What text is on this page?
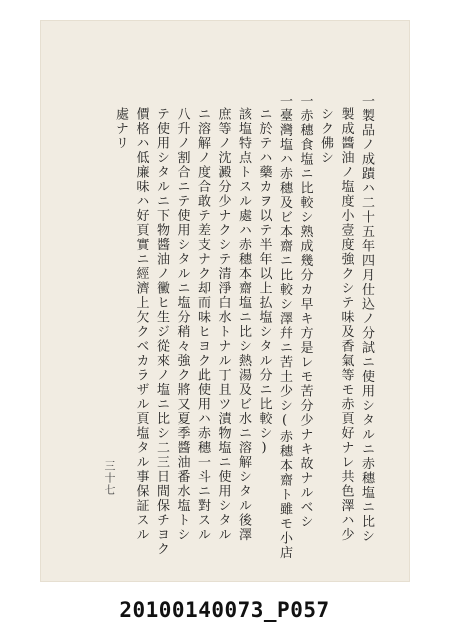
一製品ノ成蹟ハ二十五年四月仕込ノ分試ニ使用シタルニ赤穗塩ニ比シ
製成醬油ノ塩度小壹度強クシテ味及香氣等モ赤頁好ナレ共色澤ハ少
シク佛シ
一赤穗食塩ニ比較シ熟成幾分カ早キ方是レモ苦分少ナキ故ナルベシ
一臺灣塩ハ赤穗及ビ本齋ニ比較シ澤幷ニ苦土少シ(赤穗本齋ト雖モ小店
ニ於テハ藥カヲ以テ半年以上払塩シタル分ニ比較シ)
該塩特点トスル處ハ赤穗本齋塩ニ比シ熱湯及ビ水ニ溶解シタル後澤
庶等ノ沈澱分少ナクシテ清淨白水トナル丁且ツ漬物塩ニ使用シタル
ニ溶解ノ度合敢テ差支ナク却而味ヒヨク此使用ハ赤穗一斗ニ對スル
八升ノ割合ニテ使用シタルニ塩分稍々強ク將又夏季醬油番水塩トシ
テ使用シタルニ下物醬油ノ黴ヒ生ジ從來ノ塩ニ比シ二三日間保チヨク
價格ハ低廉味ハ好頁實ニ經濟上欠クベカラザル頁塩タル事保証スル
處ナリ
三十七
20100140073_P057
